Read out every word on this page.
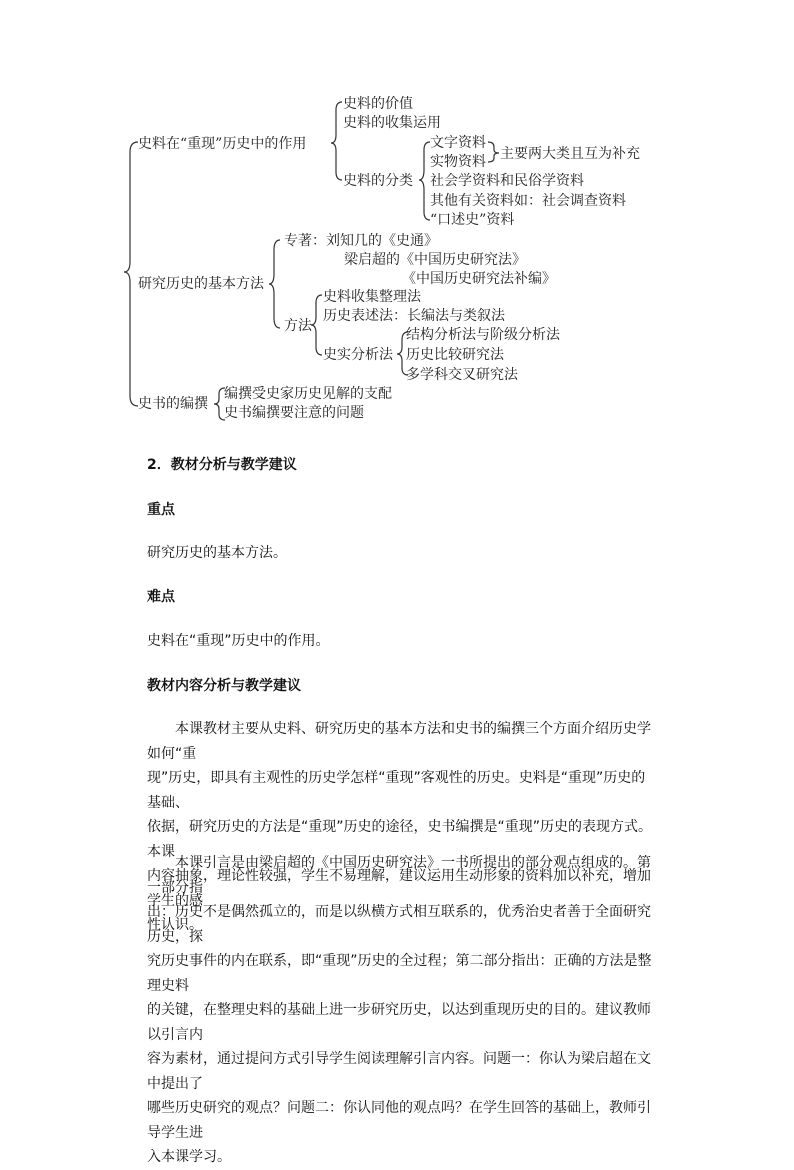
史料在“重现”历史中的作用
史料的价值
史料的收集运用
史料的分类
文字资料
实物资料 主要两大类且互为补充
社会学资料和民俗学资料
其他有关资料如：社会调查资料
“口述史”资料
研究历史的基本方法
专著：刘知几的《史通》
梁启超的《中国历史研究法》
《中国历史研究法补编》
方法
史料收集整理法
历史表述法：长编法与类叙法
史实分析法
结构分析法与阶级分析法
历史比较研究法
多学科交叉研究法
史书的编撰
编撰受史家历史见解的支配
史书编撰要注意的问题

2．教材分析与教学建议

重点

研究历史的基本方法。

难点

史料在“重现”历史中的作用。

教材内容分析与教学建议

　　本课教材主要从史料、研究历史的基本方法和史书的编撰三个方面介绍历史学如何“重
现”历史，即具有主观性的历史学怎样“重现”客观性的历史。史料是“重现”历史的基础、
依据，研究历史的方法是“重现”历史的途径，史书编撰是“重现”历史的表现方式。本课
内容抽象，理论性较强，学生不易理解，建议运用生动形象的资料加以补充，增加学生的感
性认识。
　　本课引言是由梁启超的《中国历史研究法》一书所提出的部分观点组成的。第一部分指
出：历史不是偶然孤立的，而是以纵横方式相互联系的，优秀治史者善于全面研究历史，探
究历史事件的内在联系，即“重现”历史的全过程；第二部分指出：正确的方法是整理史料
的关键，在整理史料的基础上进一步研究历史，以达到重现历史的目的。建议教师以引言内
容为素材，通过提问方式引导学生阅读理解引言内容。问题一：你认为梁启超在文中提出了
哪些历史研究的观点？问题二：你认同他的观点吗？在学生回答的基础上，教师引导学生进
入本课学习。
